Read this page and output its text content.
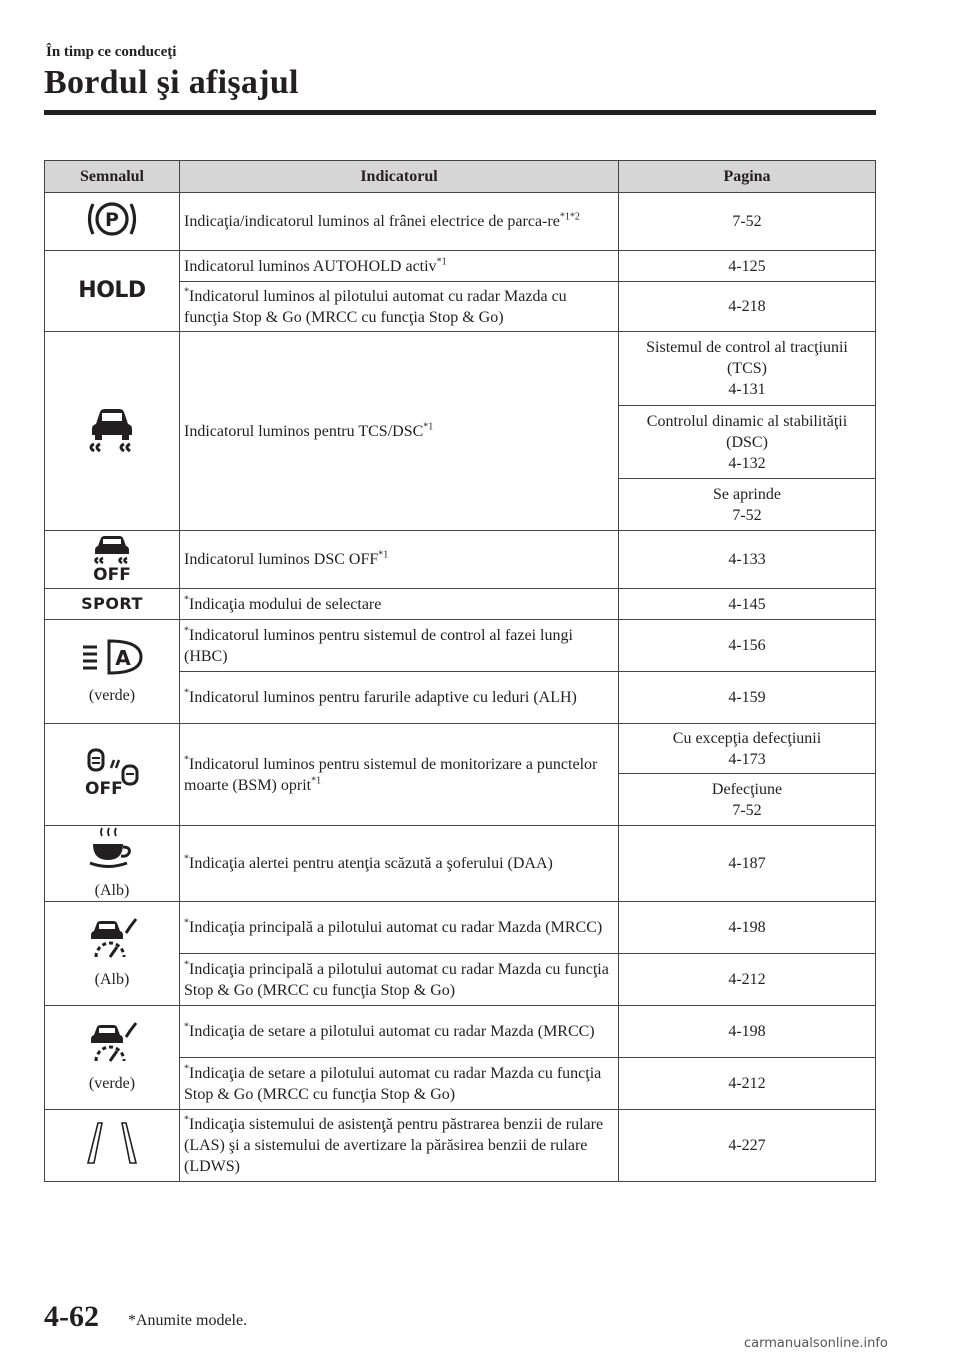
În timp ce conduceţi
Bordul şi afişajul
Semnalul	Indicatorul	Pagina

P	Indicaţia/indicatorul luminos al frânei electrice de parca-$re^{*1*2}$	7-52
HOLD	Indicatorul luminos AUTOHOLD activ$^{*1}$	4-125
	*Indicatorul luminos al pilotului automat cu radar Mazda cu funcţia Stop & Go (MRCC cu funcţia Stop & Go)	4-218
	Indicatorul luminos pentru TCS/DSC$^{*1}$	Sistemul de control al tracţiunii
(TCS)
4-131

		Controlul dinamic al stabilităţii
(DSC)
4-132

		Se aprinde
7-52

OFF	Indicatorul luminos DSC OFF$^{*1}$	4-133
SPORT	*Indicaţia modului de selectare	4-145

A
(verde)	*Indicatorul luminos pentru sistemul de control al fazei lungi (HBC)	4-156
	*Indicatorul luminos pentru farurile adaptive cu leduri (ALH)	4-159

OFF	*Indicatorul luminos pentru sistemul de monitorizare a punctelor moarte (BSM) oprit$^{*1}$	Cu excepţia defecţiunii
4-173

		Defecţiune
7-52

(Alb)	*Indicaţia alertei pentru atenţia scăzută a şoferului (DAA)	4-187

(Alb)	*Indicaţia principală a pilotului automat cu radar Mazda (MRCC)	4-198
	*Indicaţia principală a pilotului automat cu radar Mazda cu funcţia Stop & Go (MRCC cu funcţia Stop & Go)	4-212

(verde)	*Indicaţia de setare a pilotului automat cu radar Mazda (MRCC)	4-198
	*Indicaţia de setare a pilotului automat cu radar Mazda cu funcţia Stop & Go (MRCC cu funcţia Stop & Go)	4-212
	*Indicaţia sistemului de asistenţă pentru păstrarea benzii de rulare (LAS) şi a sistemului de avertizare la părăsirea benzii de rulare (LDWS)	4-227
4-62 *Anumite modele.
carmanualsonline.info
